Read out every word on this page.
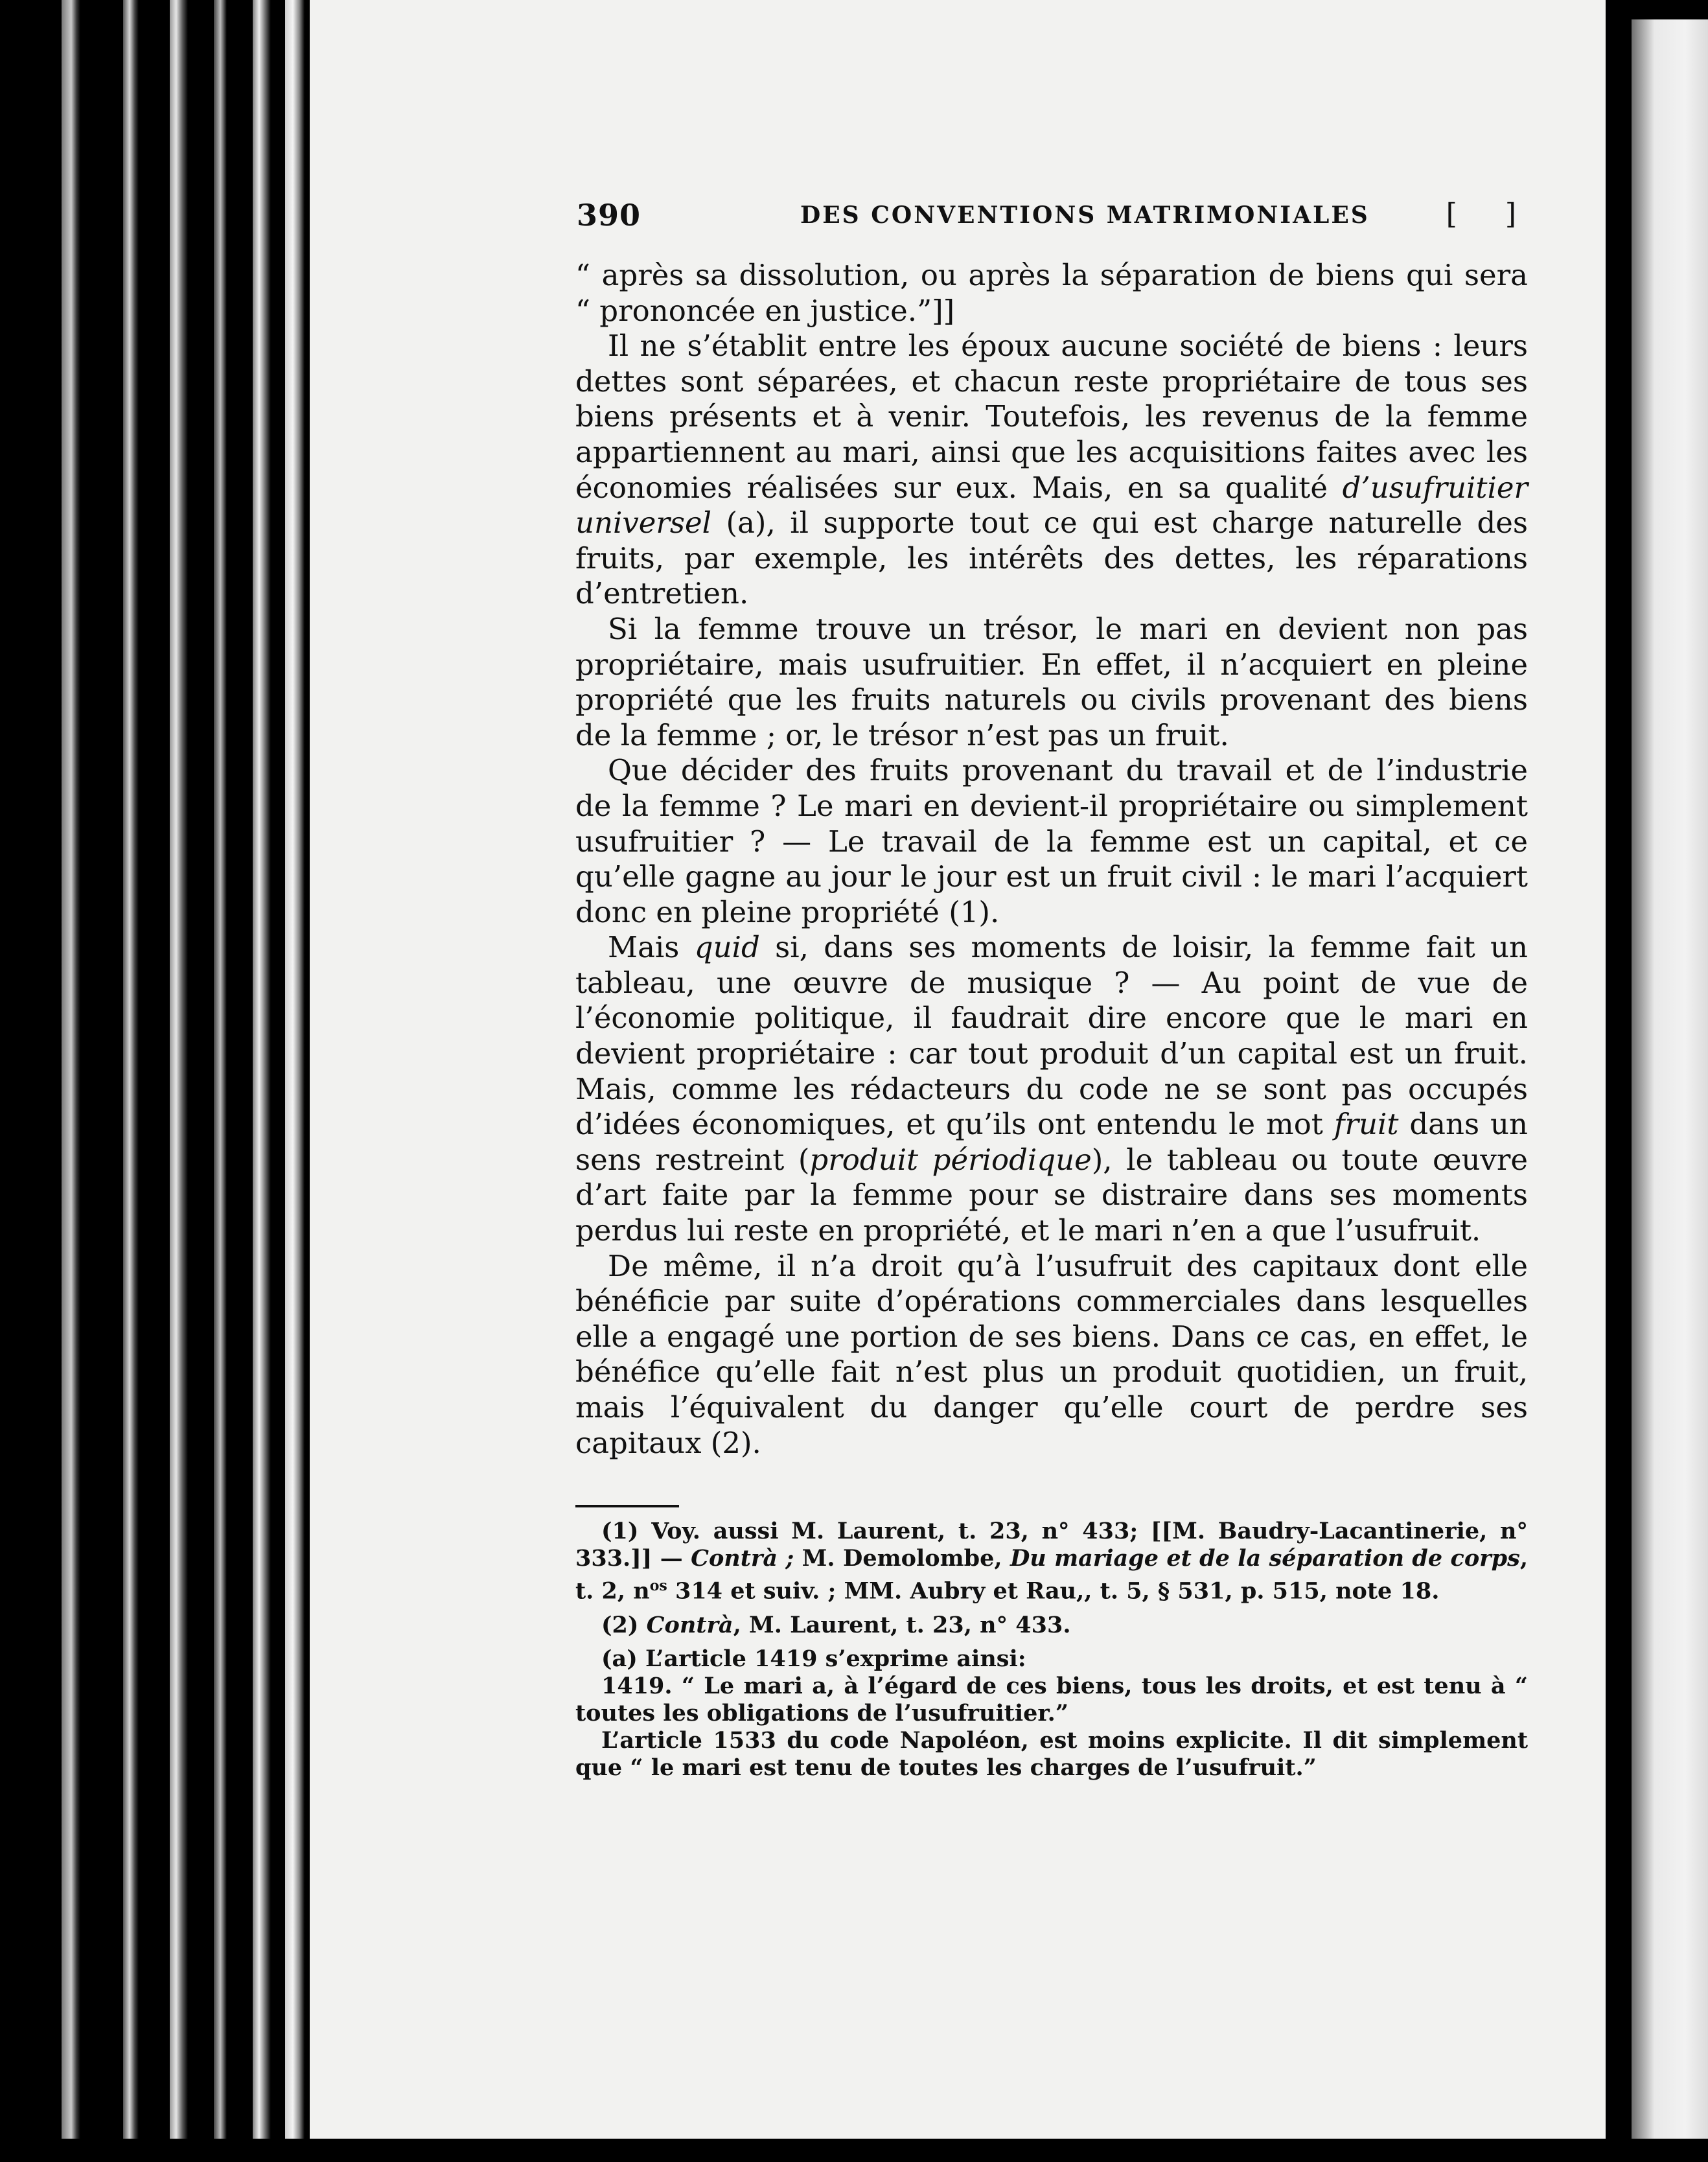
390	DES CONVENTIONS MATRIMONIALES	[ ]

“ après sa dissolution, ou après la séparation de biens qui sera “ prononcée en justice.”]]

Il ne s’établit entre les époux aucune société de biens : leurs dettes sont séparées, et chacun reste propriétaire de tous ses biens présents et à venir. Toutefois, les revenus de la femme appartiennent au mari, ainsi que les acquisitions faites avec les économies réalisées sur eux. Mais, en sa qualité d’usufruitier universel (a), il supporte tout ce qui est charge naturelle des fruits, par exemple, les intérêts des dettes, les réparations d’entretien.

Si la femme trouve un trésor, le mari en devient non pas propriétaire, mais usufruitier. En effet, il n’acquiert en pleine propriété que les fruits naturels ou civils provenant des biens de la femme ; or, le trésor n’est pas un fruit.

Que décider des fruits provenant du travail et de l’industrie de la femme ? Le mari en devient-il propriétaire ou simplement usufruitier ? — Le travail de la femme est un capital, et ce qu’elle gagne au jour le jour est un fruit civil : le mari l’acquiert donc en pleine propriété (1).

Mais quid si, dans ses moments de loisir, la femme fait un tableau, une œuvre de musique ? — Au point de vue de l’économie politique, il faudrait dire encore que le mari en devient propriétaire : car tout produit d’un capital est un fruit. Mais, comme les rédacteurs du code ne se sont pas occupés d’idées économiques, et qu’ils ont entendu le mot fruit dans un sens restreint (produit périodique), le tableau ou toute œuvre d’art faite par la femme pour se distraire dans ses moments perdus lui reste en propriété, et le mari n’en a que l’usufruit.

De même, il n’a droit qu’à l’usufruit des capitaux dont elle bénéficie par suite d’opérations commerciales dans lesquelles elle a engagé une portion de ses biens. Dans ce cas, en effet, le bénéfice qu’elle fait n’est plus un produit quotidien, un fruit, mais l’équivalent du danger qu’elle court de perdre ses capitaux (2).

(1) Voy. aussi M. Laurent, t. 23, n° 433; [[M. Baudry-Lacantinerie, n° 333.]] — Contrà ; M. Demolombe, Du mariage et de la séparation de corps, t. 2, $n^{os}$ 314 et suiv. ; MM. Aubry et Rau,, t. 5, § 531, p. 515, note 18.

(2) Contrà, M. Laurent, t. 23, n° 433.

(a) L’article 1419 s’exprime ainsi:

1419. “ Le mari a, à l’égard de ces biens, tous les droits, et est tenu à “ toutes les obligations de l’usufruitier.”

L’article 1533 du code Napoléon, est moins explicite. Il dit simplement que “ le mari est tenu de toutes les charges de l’usufruit.”
